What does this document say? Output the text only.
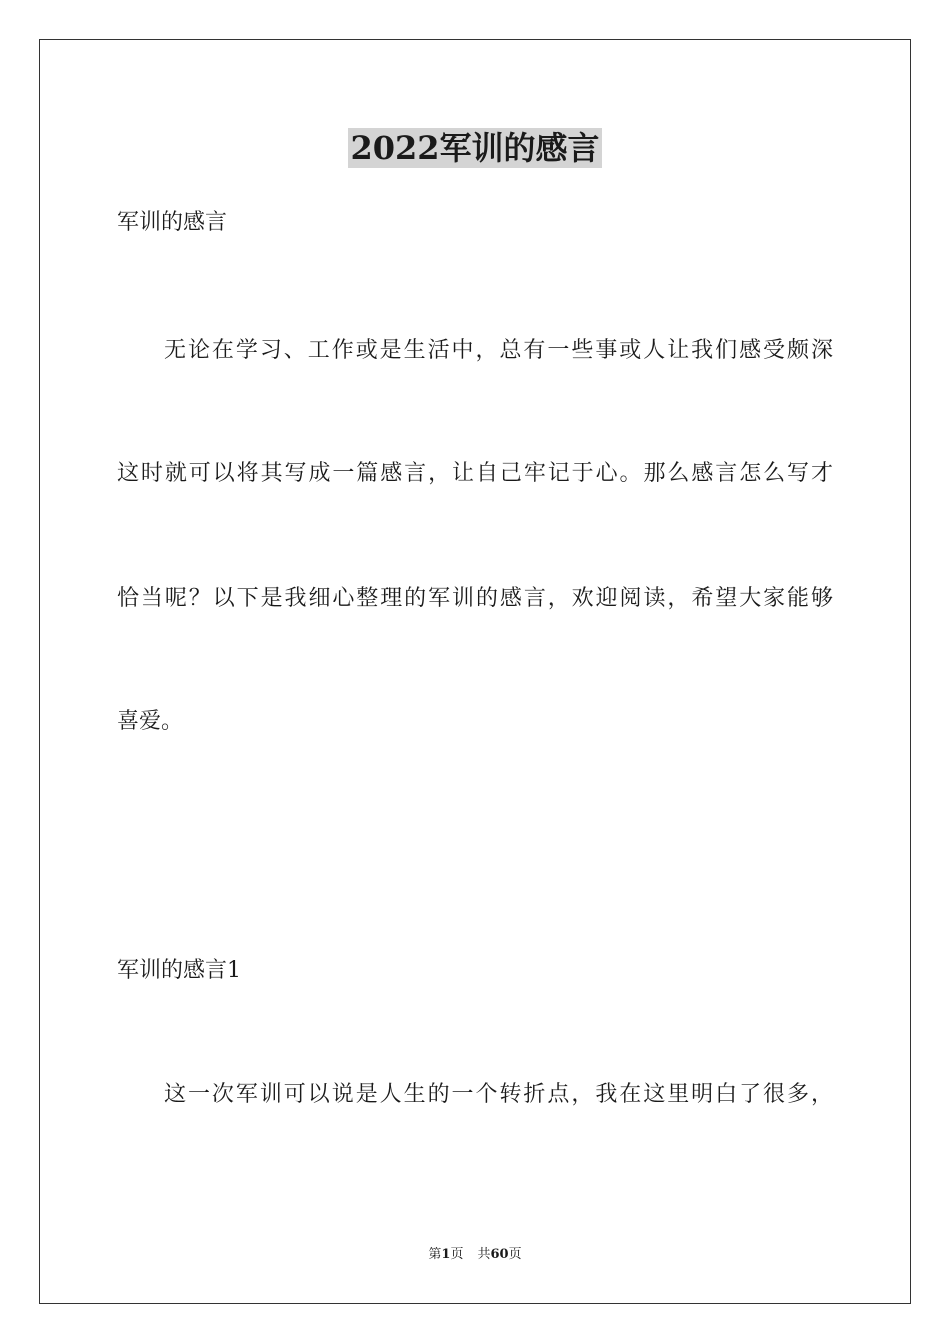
2022军训的感言
军训的感言
无论在学习、工作或是生活中，总有一些事或人让我们感受颇深
这时就可以将其写成一篇感言，让自己牢记于心。那么感言怎么写才
恰当呢？以下是我细心整理的军训的感言，欢迎阅读，希望大家能够
喜爱。
军训的感言1
这一次军训可以说是人生的一个转折点，我在这里明白了很多，
第1页 共60页
